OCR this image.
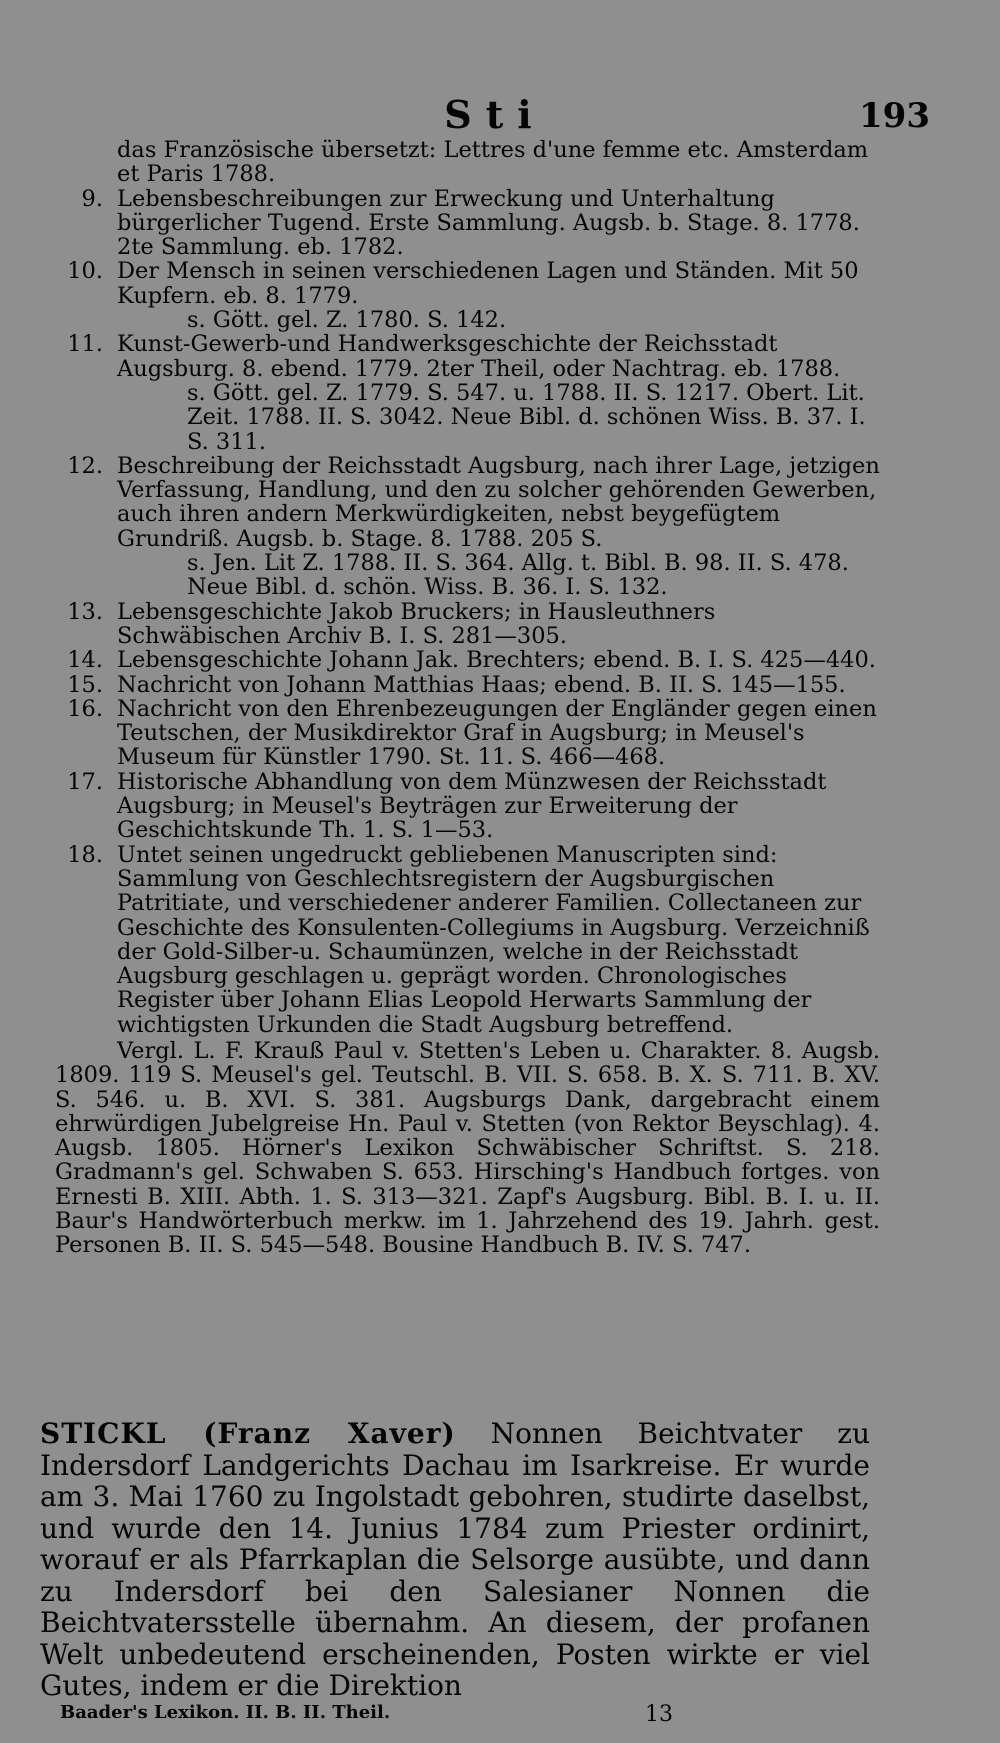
Sti	193

das Französische übersetzt: Lettres d'une femme etc. Amsterdam et Paris 1788.

9. Lebensbeschreibungen zur Erweckung und Unterhaltung bürgerlicher Tugend. Erste Sammlung. Augsb. b. Stage. 8. 1778. 2te Sammlung. eb. 1782.
10. Der Mensch in seinen verschiedenen Lagen und Ständen. Mit 50 Kupfern. eb. 8. 1779.
s. Gött. gel. Z. 1780. S. 142.
11. Kunst-Gewerb-und Handwerksgeschichte der Reichsstadt Augsburg. 8. ebend. 1779. 2ter Theil, oder Nachtrag. eb. 1788.
s. Gött. gel. Z. 1779. S. 547. u. 1788. II. S. 1217. Obert. Lit. Zeit. 1788. II. S. 3042. Neue Bibl. d. schönen Wiss. B. 37. I. S. 311.
12. Beschreibung der Reichsstadt Augsburg, nach ihrer Lage, jetzigen Verfassung, Handlung, und den zu solcher gehörenden Gewerben, auch ihren andern Merkwürdigkeiten, nebst beygefügtem Grundriß. Augsb. b. Stage. 8. 1788. 205 S.
s. Jen. Lit Z. 1788. II. S. 364. Allg. t. Bibl. B. 98. II. S. 478. Neue Bibl. d. schön. Wiss. B. 36. I. S. 132.
13. Lebensgeschichte Jakob Bruckers; in Hausleuthners Schwäbischen Archiv B. I. S. 281—305.
14. Lebensgeschichte Johann Jak. Brechters; ebend. B. I. S. 425—440.
15. Nachricht von Johann Matthias Haas; ebend. B. II. S. 145—155.
16. Nachricht von den Ehrenbezeugungen der Engländer gegen einen Teutschen, der Musikdirektor Graf in Augsburg; in Meusel's Museum für Künstler 1790. St. 11. S. 466—468.
17. Historische Abhandlung von dem Münzwesen der Reichsstadt Augsburg; in Meusel's Beyträgen zur Erweiterung der Geschichtskunde Th. 1. S. 1—53.
18. Untet seinen ungedruckt gebliebenen Manuscripten sind: Sammlung von Geschlechtsregistern der Augsburgischen Patritiate, und verschiedener anderer Familien. Collectaneen zur Geschichte des Konsulenten-Collegiums in Augsburg. Verzeichniß der Gold-Silber-u. Schaumünzen, welche in der Reichsstadt Augsburg geschlagen u. geprägt worden. Chronologisches Register über Johann Elias Leopold Herwarts Sammlung der wichtigsten Urkunden die Stadt Augsburg betreffend.

Vergl. L. F. Krauß Paul v. Stetten's Leben u. Charakter. 8. Augsb. 1809. 119 S. Meusel's gel. Teutschl. B. VII. S. 658. B. X. S. 711. B. XV. S. 546. u. B. XVI. S. 381. Augsburgs Dank, dargebracht einem ehrwürdigen Jubelgreise Hn. Paul v. Stetten (von Rektor Beyschlag). 4. Augsb. 1805. Hörner's Lexikon Schwäbischer Schriftst. S. 218. Gradmann's gel. Schwaben S. 653. Hirsching's Handbuch fortges. von Ernesti B. XIII. Abth. 1. S. 313—321. Zapf's Augsburg. Bibl. B. I. u. II. Baur's Handwörterbuch merkw. im 1. Jahrzehend des 19. Jahrh. gest. Personen B. II. S. 545—548. Bousine Handbuch B. IV. S. 747.

STICKL (Franz Xaver) Nonnen Beichtvater zu Indersdorf Landgerichts Dachau im Isarkreise. Er wurde am 3. Mai 1760 zu Ingolstadt gebohren, studirte daselbst, und wurde den 14. Junius 1784 zum Priester ordinirt, worauf er als Pfarrkaplan die Selsorge ausübte, und dann zu Indersdorf bei den Salesianer Nonnen die Beichtvatersstelle übernahm. An diesem, der profanen Welt unbedeutend erscheinenden, Posten wirkte er viel Gutes, indem er die Direktion
Baader's Lexikon. II. B. II. Theil.	13
